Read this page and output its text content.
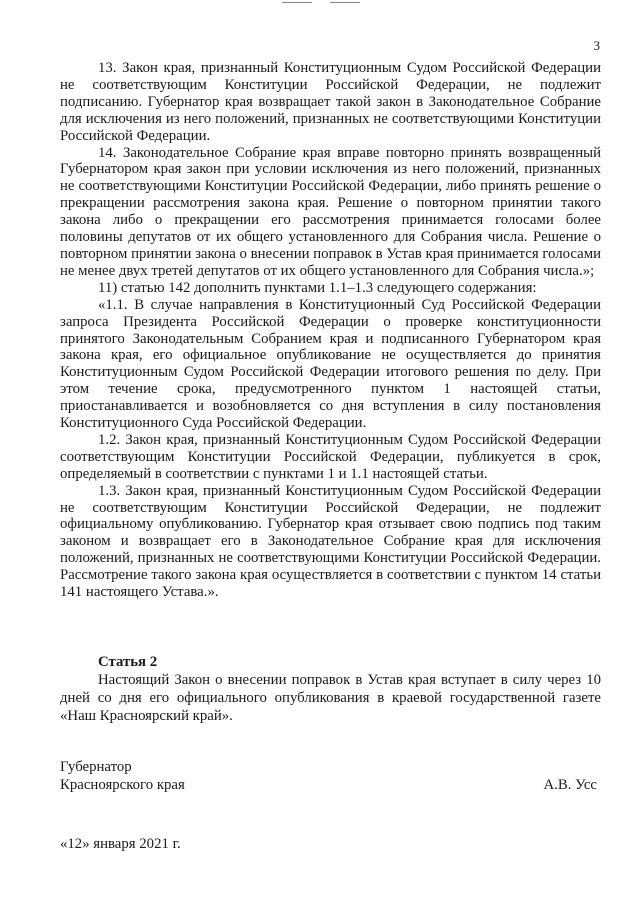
3

13. Закон края, признанный Конституционным Судом Российской Федерации не соответствующим Конституции Российской Федерации, не подлежит подписанию. Губернатор края возвращает такой закон в Законодательное Собрание для исключения из него положений, признанных не соответствующими Конституции Российской Федерации.

14. Законодательное Собрание края вправе повторно принять возвращенный Губернатором края закон при условии исключения из него положений, признанных не соответствующими Конституции Российской Федерации, либо принять решение о прекращении рассмотрения закона края. Решение о повторном принятии такого закона либо о прекращении его рассмотрения принимается голосами более половины депутатов от их общего установленного для Собрания числа. Решение о повторном принятии закона о внесении поправок в Устав края принимается голосами не менее двух третей депутатов от их общего установленного для Собрания числа.»;

11) статью 142 дополнить пунктами 1.1–1.3 следующего содержания:

«1.1. В случае направления в Конституционный Суд Российской Федерации запроса Президента Российской Федерации о проверке конституционности принятого Законодательным Собранием края и подписанного Губернатором края закона края, его официальное опубликование не осуществляется до принятия Конституционным Судом Российской Федерации итогового решения по делу. При этом течение срока, предусмотренного пунктом 1 настоящей статьи, приостанавливается и возобновляется со дня вступления в силу постановления Конституционного Суда Российской Федерации.

1.2. Закон края, признанный Конституционным Судом Российской Федерации соответствующим Конституции Российской Федерации, публикуется в срок, определяемый в соответствии с пунктами 1 и 1.1 настоящей статьи.

1.3. Закон края, признанный Конституционным Судом Российской Федерации не соответствующим Конституции Российской Федерации, не подлежит официальному опубликованию. Губернатор края отзывает свою подпись под таким законом и возвращает его в Законодательное Собрание края для исключения положений, признанных не соответствующими Конституции Российской Федерации. Рассмотрение такого закона края осуществляется в соответствии с пунктом 14 статьи 141 настоящего Устава.».

Статья 2

Настоящий Закон о внесении поправок в Устав края вступает в силу через 10 дней со дня его официального опубликования в краевой государственной газете «Наш Красноярский край».

Губернатор
Красноярского края	А.В. Усс
«12» января 2021 г.
